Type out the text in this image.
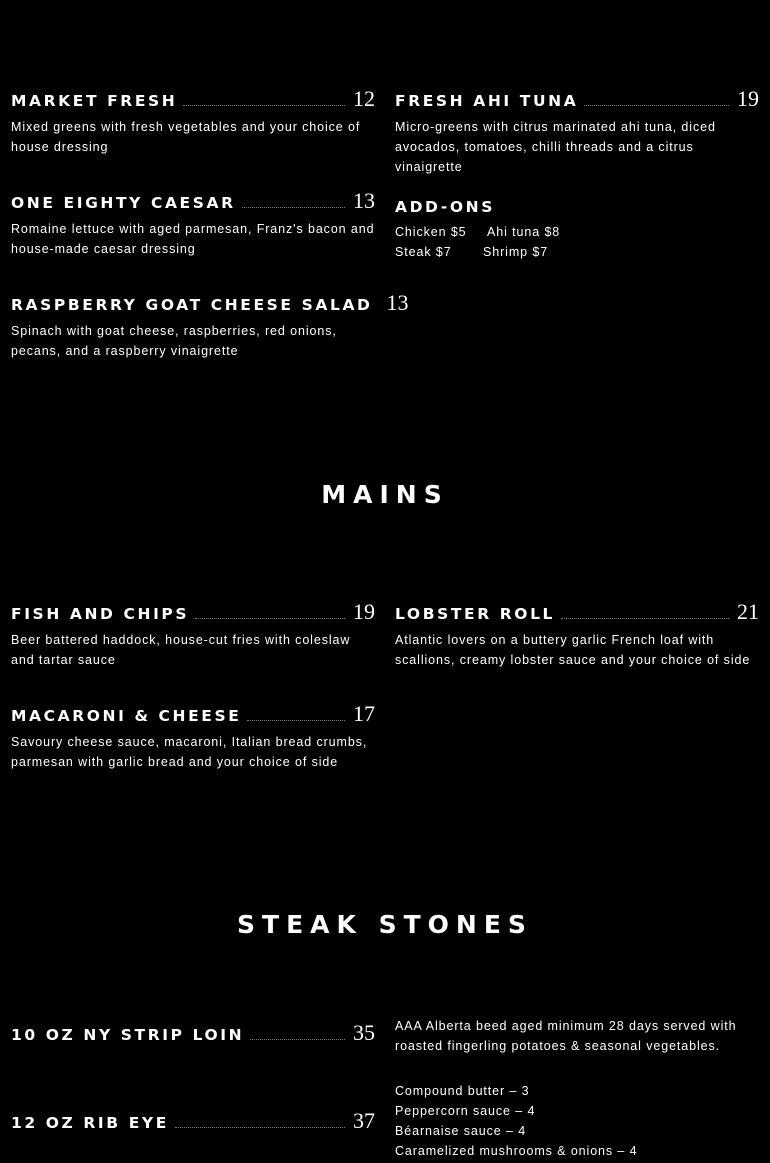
MARKET FRESH	12
Mixed greens with fresh vegetables and your choice of house dressing
ONE EIGHTY CAESAR	13
Romaine lettuce with aged parmesan, Franz's bacon and house-made caesar dressing
RASPBERRY GOAT CHEESE SALAD 13
Spinach with goat cheese, raspberries, red onions, pecans, and a raspberry vinaigrette
FRESH AHI TUNA	19
Micro-greens with citrus marinated ahi tuna, diced avocados, tomatoes, chilli threads and a citrus vinaigrette
ADD-ONS
Chicken $5	Ahi tuna $8
Steak $7	Shrimp $7
MAINS
FISH AND CHIPS	19
Beer battered haddock, house-cut fries with coleslaw and tartar sauce
MACARONI & CHEESE	17
Savoury cheese sauce, macaroni, Italian bread crumbs, parmesan with garlic bread and your choice of side
LOBSTER ROLL	21
Atlantic lovers on a buttery garlic French loaf with scallions, creamy lobster sauce and your choice of side
STEAK STONES
10 OZ NY STRIP LOIN	35
12 OZ RIB EYE	37
AAA Alberta beed aged minimum 28 days served with roasted fingerling potatoes & seasonal vegetables.
Compound butter – 3
Peppercorn sauce – 4
Béarnaise sauce – 4
Caramelized mushrooms & onions – 4
